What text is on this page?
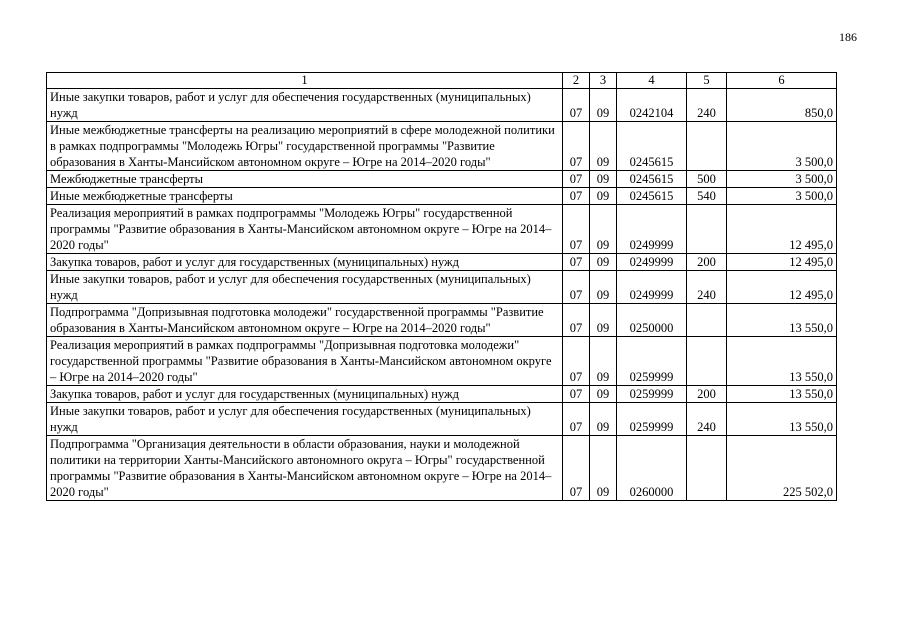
186
1	2	3	4	5	6
Иные закупки товаров, работ и услуг для обеспечения государственных (муниципальных) нужд	07	09	0242104	240	850,0
Иные межбюджетные трансферты на реализацию мероприятий в сфере молодежной политики в рамках подпрограммы "Молодежь Югры" государственной программы "Развитие образования в Ханты-Мансийском автономном округе – Югре на 2014–2020 годы"	07	09	0245615		3 500,0
Межбюджетные трансферты	07	09	0245615	500	3 500,0
Иные межбюджетные трансферты	07	09	0245615	540	3 500,0
Реализация мероприятий в рамках подпрограммы "Молодежь Югры" государственной программы "Развитие образования в Ханты-Мансийском автономном округе – Югре на 2014–2020 годы"	07	09	0249999		12 495,0
Закупка товаров, работ и услуг для государственных (муниципальных) нужд	07	09	0249999	200	12 495,0
Иные закупки товаров, работ и услуг для обеспечения государственных (муниципальных) нужд	07	09	0249999	240	12 495,0
Подпрограмма "Допризывная подготовка молодежи" государственной программы "Развитие образования в Ханты-Мансийском автономном округе – Югре на 2014–2020 годы"	07	09	0250000		13 550,0
Реализация мероприятий в рамках подпрограммы "Допризывная подготовка молодежи" государственной программы "Развитие образования в Ханты-Мансийском автономном округе – Югре на 2014–2020 годы"	07	09	0259999		13 550,0
Закупка товаров, работ и услуг для государственных (муниципальных) нужд	07	09	0259999	200	13 550,0
Иные закупки товаров, работ и услуг для обеспечения государственных (муниципальных) нужд	07	09	0259999	240	13 550,0
Подпрограмма "Организация деятельности в области образования, науки и молодежной политики на территории Ханты-Мансийского автономного округа – Югры" государственной программы "Развитие образования в Ханты-Мансийском автономном округе – Югре на 2014–2020 годы"	07	09	0260000		225 502,0
